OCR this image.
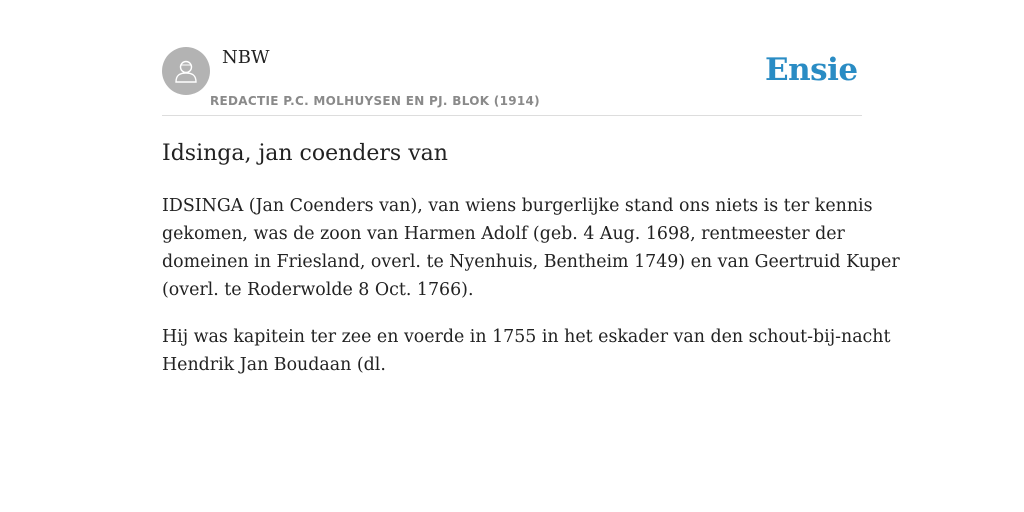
NBW
REDACTIE P.C. MOLHUYSEN EN PJ. BLOK (1914)
Ensie
Idsinga, jan coenders van

IDSINGA (Jan Coenders van), van wiens burgerlijke stand ons niets is ter kennis
gekomen, was de zoon van Harmen Adolf (geb. 4 Aug. 1698, rentmeester der
domeinen in Friesland, overl. te Nyenhuis, Bentheim 1749) en van Geertruid Kuper
(overl. te Roderwolde 8 Oct. 1766).

Hij was kapitein ter zee en voerde in 1755 in het eskader van den schout-bij-nacht
Hendrik Jan Boudaan (dl.
